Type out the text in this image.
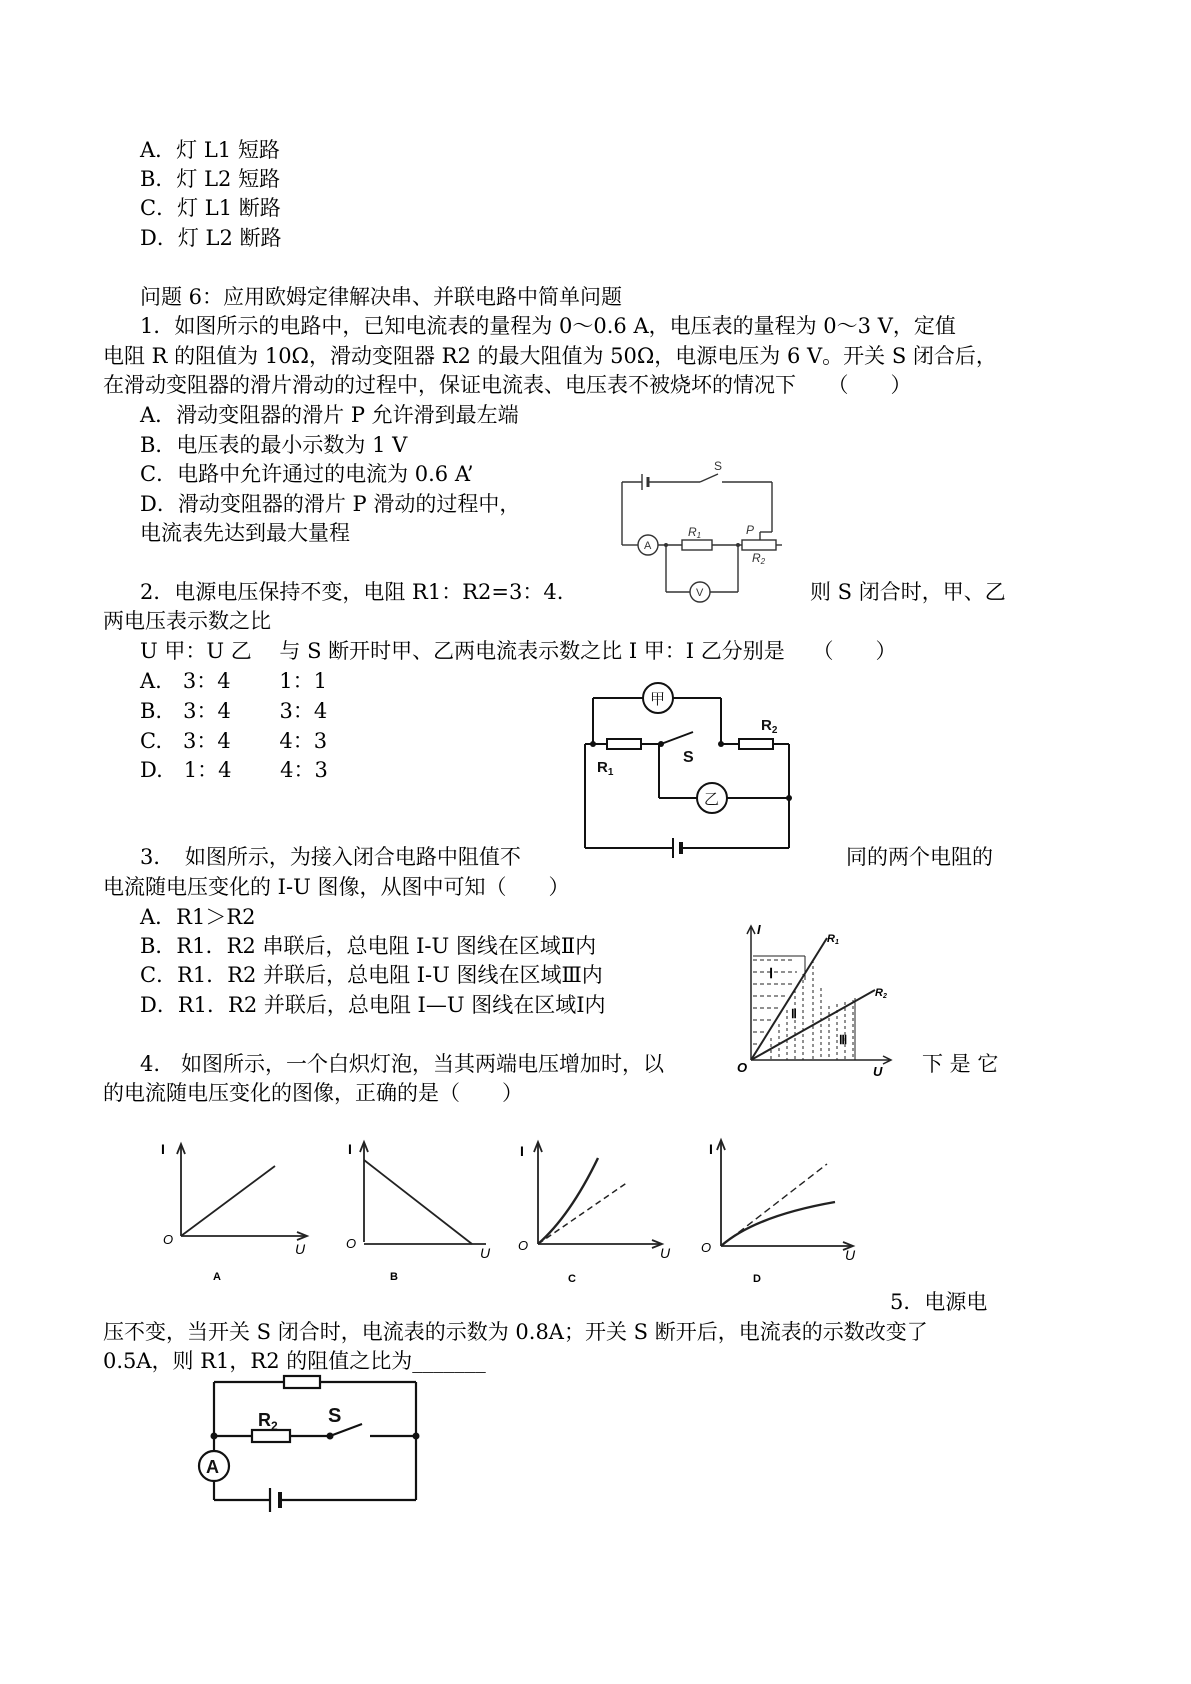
A．灯 L1 短路
B．灯 L2 短路
C．灯 L1 断路
D．灯 L2 断路
问题 6：应用欧姆定律解决串、并联电路中简单问题
1．如图所示的电路中，已知电流表的量程为 0～0.6 A，电压表的量程为 0～3 V，定值
电阻 R 的阻值为 10Ω，滑动变阻器 R2 的最大阻值为 50Ω，电源电压为 6 V。开关 S 闭合后，
在滑动变阻器的滑片滑动的过程中，保证电流表、电压表不被烧坏的情况下　　（　　）
A．滑动变阻器的滑片 P 允许滑到最左端
B．电压表的最小示数为 1 V
C．电路中允许通过的电流为 0.6 A’
D．滑动变阻器的滑片 P 滑动的过程中，
电流表先达到最大量程
S
R1	P
R2
A
V
2．电源电压保持不变，电阻 R1：R2=3：4.	则 S 闭合时，甲、乙
两电压表示数之比
U 甲：U 乙　 与 S 断开时甲、乙两电流表示数之比 I 甲：I 乙分别是　 （　　）
A.　3：4　　 1：1
B.　3：4　　 3：4
C.　3：4　　 4：3
D.　1：4　　 4：3
甲
乙
$R_1$
$R_2$
S
3．　如图所示，为接入闭合电路中阻值不	同的两个电阻的
电流随电压变化的 I-U 图像，从图中可知（　　）
A．R1＞R2
B．R1．R2 串联后，总电阻 I-U 图线在区域Ⅱ内
C．R1．R2 并联后，总电阻 I-U 图线在区域Ⅲ内
D．R1．R2 并联后，总电阻 I—U 图线在区域Ⅰ内
I
U
O
R1
R2
Ⅰ
Ⅱ
Ⅲ
4.　如图所示，一个白炽灯泡，当其两端电压增加时，以	下 是 它
的电流随电压变化的图像，正确的是（　　）
I
O
U
A
I
O
U
B
I
O	U
C
I
O	U
D
5．电源电
压不变，当开关 S 闭合时，电流表的示数为 0.8A；开关 S 断开后，电流表的示数改变了
0.5A，则 R1，R2 的阻值之比为_______
$R_2$	S
A
